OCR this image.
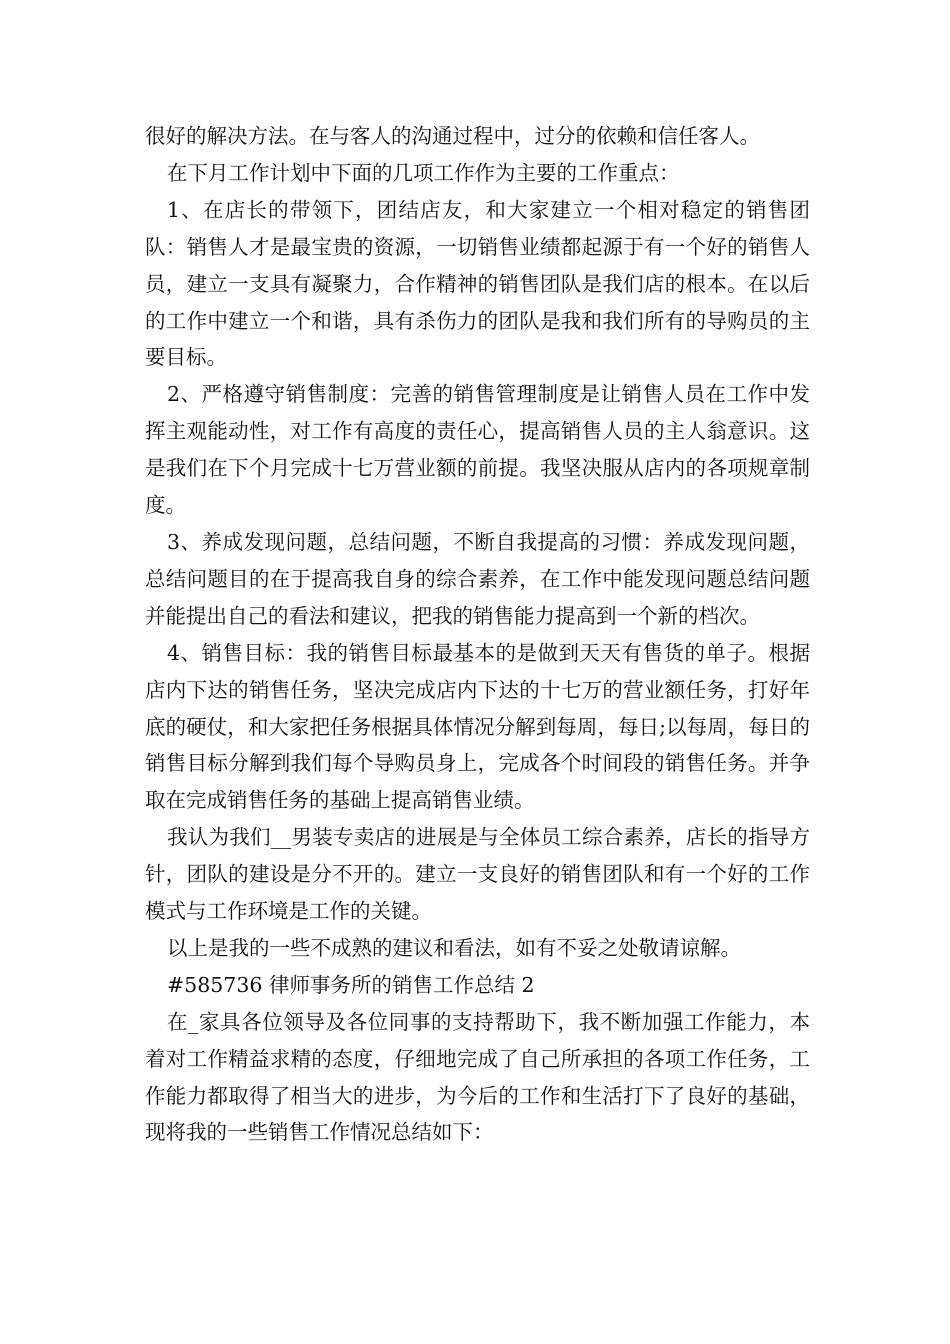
很好的解决方法。在与客人的沟通过程中，过分的依赖和信任客人。

在下月工作计划中下面的几项工作作为主要的工作重点：

1、在店长的带领下，团结店友，和大家建立一个相对稳定的销售团队：销售人才是最宝贵的资源，一切销售业绩都起源于有一个好的销售人员，建立一支具有凝聚力，合作精神的销售团队是我们店的根本。在以后的工作中建立一个和谐，具有杀伤力的团队是我和我们所有的导购员的主要目标。

2、严格遵守销售制度：完善的销售管理制度是让销售人员在工作中发挥主观能动性，对工作有高度的责任心，提高销售人员的主人翁意识。这是我们在下个月完成十七万营业额的前提。我坚决服从店内的各项规章制度。

3、养成发现问题，总结问题，不断自我提高的习惯：养成发现问题，总结问题目的在于提高我自身的综合素养，在工作中能发现问题总结问题并能提出自己的看法和建议，把我的销售能力提高到一个新的档次。

4、销售目标：我的销售目标最基本的是做到天天有售货的单子。根据店内下达的销售任务，坚决完成店内下达的十七万的营业额任务，打好年底的硬仗，和大家把任务根据具体情况分解到每周，每日;以每周，每日的销售目标分解到我们每个导购员身上，完成各个时间段的销售任务。并争取在完成销售任务的基础上提高销售业绩。

我认为我们__男装专卖店的进展是与全体员工综合素养，店长的指导方针，团队的建设是分不开的。建立一支良好的销售团队和有一个好的工作模式与工作环境是工作的关键。

以上是我的一些不成熟的建议和看法，如有不妥之处敬请谅解。

#585736 律师事务所的销售工作总结 2

在_家具各位领导及各位同事的支持帮助下，我不断加强工作能力，本着对工作精益求精的态度，仔细地完成了自己所承担的各项工作任务，工作能力都取得了相当大的进步，为今后的工作和生活打下了良好的基础，现将我的一些销售工作情况总结如下：
